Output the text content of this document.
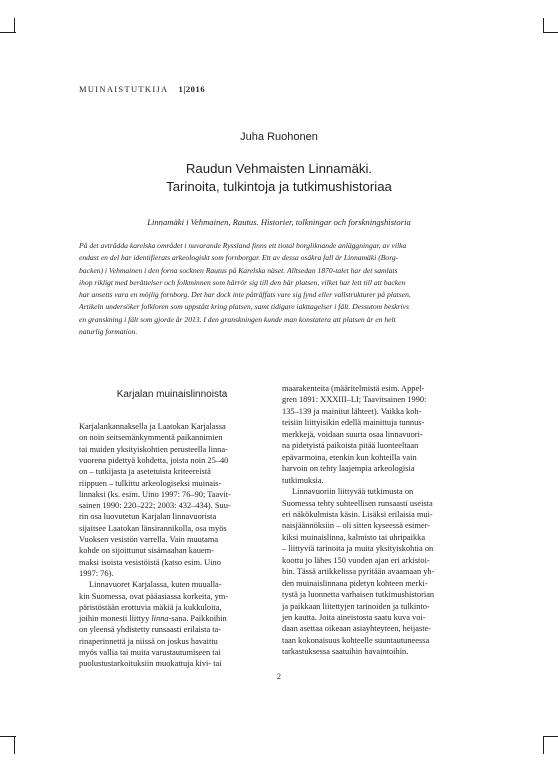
MUINAISTUTKIJA 1|2016
Juha Ruohonen
Raudun Vehmaisten Linnamäki.
Tarinoita, tulkintoja ja tutkimushistoriaa
Linnamäki i Vehmainen, Rautus. Historier, tolkningar och forskningshistoria
På det avträdda karelska området i nuvarande Ryssland finns ett tiotal borgliknande anläggningar, av vilka
endast en del har identifierats arkeologiskt som fornborgar. Ett av dessa osäkra fall är Linnamäki (Borg-
backen) i Vehmainen i den forna socknen Rautus på Karelska näset. Alltsedan 1870-talet har det samlats
ihop rikligt med berättelser och folkminnen som härrör sig till den här platsen, vilket har lett till att backen
har ansetts vara en möjlig fornborg. Det har dock inte påträffats vare sig fynd eller vallstrukturer på platsen.
Artikeln undersöker folkloren som uppstått kring platsen, samt tidigare iakttagelser i fält. Dessutom beskrivs
en granskning i fält som gjorde år 2013. I den granskningen kunde man konstatera att platsen är en helt
naturlig formation.
Karjalan muinaislinnoista
Karjalankannaksella ja Laatokan Karjalassa
on noin seitsemänkymmentä paikannimien
tai muiden yksityiskohtien perusteella linna-
vuorena pidettyä kohdetta, joista noin 25–40
on – tutkijasta ja asetetuista kriteereistä
riippuen – tulkittu arkeologiseksi muinais-
linnaksi (ks. esim. Uino 1997: 76–90; Taavit-
sainen 1990: 220–222; 2003: 432–434). Suu-
rin osa luovutetun Karjalan linnavuorista
sijaitsee Laatokan länsirannikolla, osa myös
Vuoksen vesistön varrella. Vain muutama
kohde on sijoittunut sisämaahan kauem-
maksi isoista vesistöistä (katso esim. Uino
1997: 76).
Linnavuoret Karjalassa, kuten muualla-
kin Suomessa, ovat pääasiassa korkeita, ym-
päristöstään erottuvia mäkiä ja kukkuloita,
joihin monesti liittyy linna-sana. Paikkoihin
on yleensä yhdistetty runsaasti erilaista ta-
rinaperinnettä ja niissä on joskus havaittu
myös vallia tai muita varustautumiseen tai
puolustustarkoituksiin muokattuja kivi- tai
maarakenteita (määritelmistä esim. Appel-
gren 1891: XXXIII–LI; Taavitsainen 1990:
135–139 ja mainitut lähteet). Vaikka koh-
teisiin liittyisikin edellä mainittuja tunnus-
merkkejä, voidaan suurta osaa linnavuori-
na pidetyistä paikoista pitää luonteeltaan
epävarmoina, etenkin kun kohteilla vain
harvoin on tehty laajempia arkeologisia
tutkimuksia.
Linnavuoriin liittyvää tutkimusta on
Suomessa tehty suhteellisen runsaasti useista
eri näkökulmista käsin. Lisäksi erilaisia mui-
naisjäännöksiin – oli sitten kyseessä esimer-
kiksi muinaislinna, kalmisto tai uhripaikka
– liittyviä tarinoita ja muita yksityiskohtia on
koottu jo lähes 150 vuoden ajan eri arkistoi-
hin. Tässä artikkelissa pyritään avaamaan yh-
den muinaislinnana pidetyn kohteen merki-
tystä ja luonnetta varhaisen tutkimushistorian
ja paikkaan liitettyjen tarinoiden ja tulkinto-
jen kautta. Joita aineistosta saatu kuva voi-
daan asettaa oikeaan asiayhteyteen, heijaste-
taan kokonaisuus kohteelle suuntautuneessa
tarkastuksessa saatuihin havaintoihin.
2
